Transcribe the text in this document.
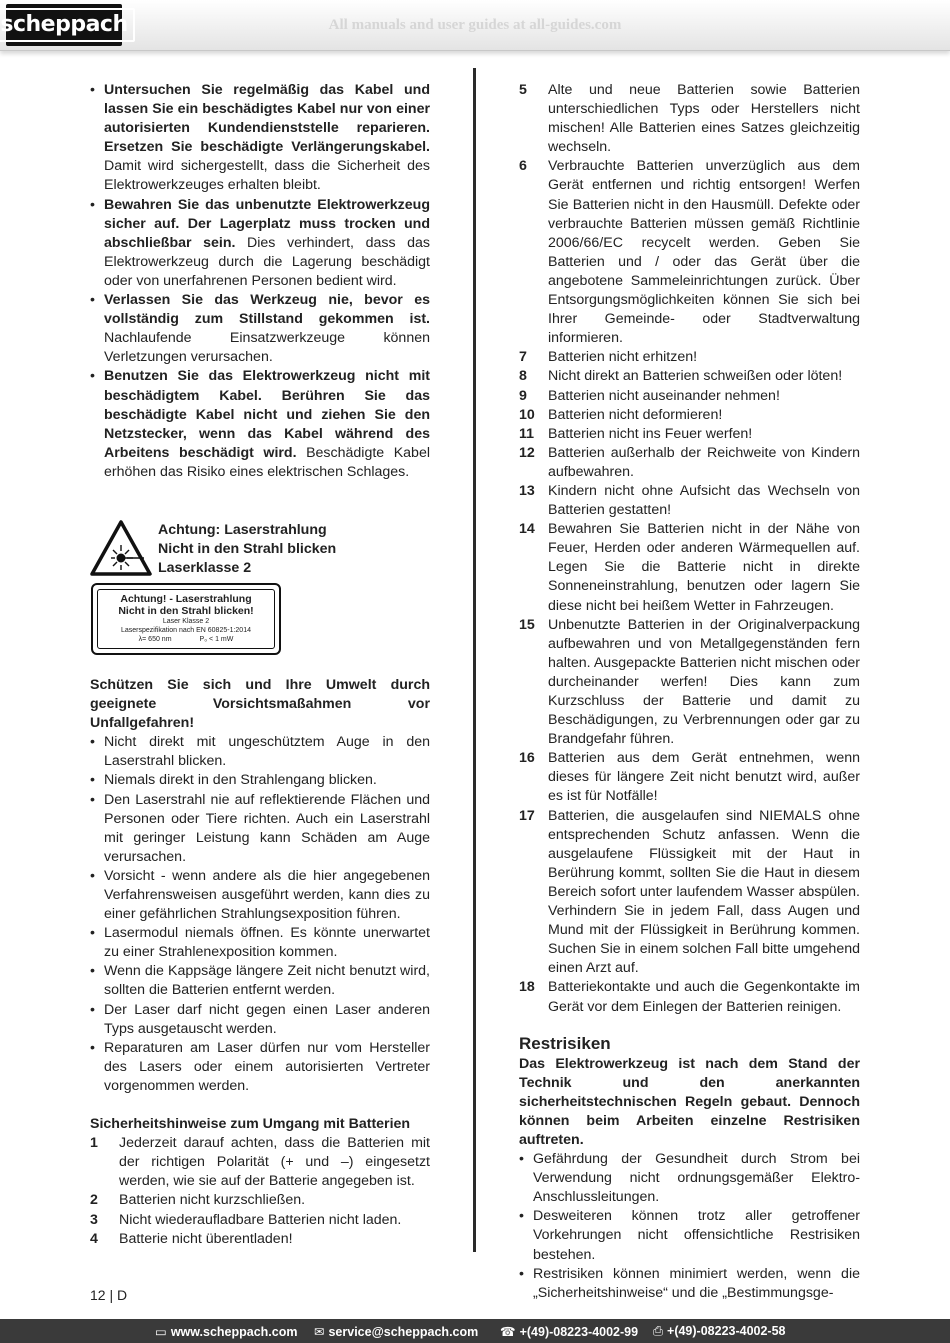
scheppach	All manuals and user guides at all-guides.com
• Untersuchen Sie regelmäßig das Kabel und lassen Sie ein beschädigtes Kabel nur von einer autorisierten Kundendienststelle reparieren. Ersetzen Sie beschädigte Verlängerungskabel. Damit wird sichergestellt, dass die Sicherheit des Elektrowerkzeuges erhalten bleibt.
• Bewahren Sie das unbenutzte Elektrowerkzeug sicher auf. Der Lagerplatz muss trocken und abschließbar sein. Dies verhindert, dass das Elektrowerkzeug durch die Lagerung beschädigt oder von unerfahrenen Personen bedient wird.
• Verlassen Sie das Werkzeug nie, bevor es vollständig zum Stillstand gekommen ist. Nachlaufende Einsatzwerkzeuge können Verletzungen verursachen.
• Benutzen Sie das Elektrowerkzeug nicht mit beschädigtem Kabel. Berühren Sie das beschädigte Kabel nicht und ziehen Sie den Netzstecker, wenn das Kabel während des Arbeitens beschädigt wird. Beschädigte Kabel erhöhen das Risiko eines elektrischen Schlages.
Achtung: Laserstrahlung
Nicht in den Strahl blicken
Laserklasse 2
Achtung! - Laserstrahlung
Nicht in den Strahl blicken!
Laser Klasse 2
Laserspezifikation nach EN 60825-1:2014
λ= 650 nm	P₀ < 1 mW

Schützen Sie sich und Ihre Umwelt durch geeignete Vorsichtsmaßahmen vor Unfallgefahren!

• Nicht direkt mit ungeschütztem Auge in den Laserstrahl blicken.
• Niemals direkt in den Strahlengang blicken.
• Den Laserstrahl nie auf reflektierende Flächen und Personen oder Tiere richten. Auch ein Laserstrahl mit geringer Leistung kann Schäden am Auge verursachen.
• Vorsicht - wenn andere als die hier angegebenen Verfahrensweisen ausgeführt werden, kann dies zu einer gefährlichen Strahlungsexposition führen.
• Lasermodul niemals öffnen. Es könnte unerwartet zu einer Strahlenexposition kommen.
• Wenn die Kappsäge längere Zeit nicht benutzt wird, sollten die Batterien entfernt werden.
• Der Laser darf nicht gegen einen Laser anderen Typs ausgetauscht werden.
• Reparaturen am Laser dürfen nur vom Hersteller des Lasers oder einem autorisierten Vertreter vorgenommen werden.

Sicherheitshinweise zum Umgang mit Batterien

1 Jederzeit darauf achten, dass die Batterien mit der richtigen Polarität (+ und –) eingesetzt werden, wie sie auf der Batterie angegeben ist.
2 Batterien nicht kurzschließen.
3 Nicht wiederaufladbare Batterien nicht laden.
4 Batterie nicht überentladen!
5 Alte und neue Batterien sowie Batterien unterschiedlichen Typs oder Herstellers nicht mischen! Alle Batterien eines Satzes gleichzeitig wechseln.
6 Verbrauchte Batterien unverzüglich aus dem Gerät entfernen und richtig entsorgen! Werfen Sie Batterien nicht in den Hausmüll. Defekte oder verbrauchte Batterien müssen gemäß Richtlinie 2006/66/EC recycelt werden. Geben Sie Batterien und / oder das Gerät über die angebotene Sammeleinrichtungen zurück. Über Entsorgungsmöglichkeiten können Sie sich bei Ihrer Gemeinde- oder Stadtverwaltung informieren.
7 Batterien nicht erhitzen!
8 Nicht direkt an Batterien schweißen oder löten!
9 Batterien nicht auseinander nehmen!
10 Batterien nicht deformieren!
11 Batterien nicht ins Feuer werfen!
12 Batterien außerhalb der Reichweite von Kindern aufbewahren.
13 Kindern nicht ohne Aufsicht das Wechseln von Batterien gestatten!
14 Bewahren Sie Batterien nicht in der Nähe von Feuer, Herden oder anderen Wärmequellen auf. Legen Sie die Batterie nicht in direkte Sonneneinstrahlung, benutzen oder lagern Sie diese nicht bei heißem Wetter in Fahrzeugen.
15 Unbenutzte Batterien in der Originalverpackung aufbewahren und von Metallgegenständen fern halten. Ausgepackte Batterien nicht mischen oder durcheinander werfen! Dies kann zum Kurzschluss der Batterie und damit zu Beschädigungen, zu Verbrennungen oder gar zu Brandgefahr führen.
16 Batterien aus dem Gerät entnehmen, wenn dieses für längere Zeit nicht benutzt wird, außer es ist für Notfälle!
17 Batterien, die ausgelaufen sind NIEMALS ohne entsprechenden Schutz anfassen. Wenn die ausgelaufene Flüssigkeit mit der Haut in Berührung kommt, sollten Sie die Haut in diesem Bereich sofort unter laufendem Wasser abspülen. Verhindern Sie in jedem Fall, dass Augen und Mund mit der Flüssigkeit in Berührung kommen. Suchen Sie in einem solchen Fall bitte umgehend einen Arzt auf.
18 Batteriekontakte und auch die Gegenkontakte im Gerät vor dem Einlegen der Batterien reinigen.

Restrisiken

Das Elektrowerkzeug ist nach dem Stand der Technik und den anerkannten sicherheitstechnischen Regeln gebaut. Dennoch können beim Arbeiten einzelne Restrisiken auftreten.

• Gefährdung der Gesundheit durch Strom bei Verwendung nicht ordnungsgemäßer Elektro-Anschlussleitungen.
• Desweiteren können trotz aller getroffener Vorkehrungen nicht offensichtliche Restrisiken bestehen.
• Restrisiken können minimiert werden, wenn die „Sicherheitshinweise“ und die „Bestimmungsge-
12 | D
▭ www.scheppach.com ✉ service@scheppach.com ☎ +(49)-08223-4002-99 ⎙ +(49)-08223-4002-58
